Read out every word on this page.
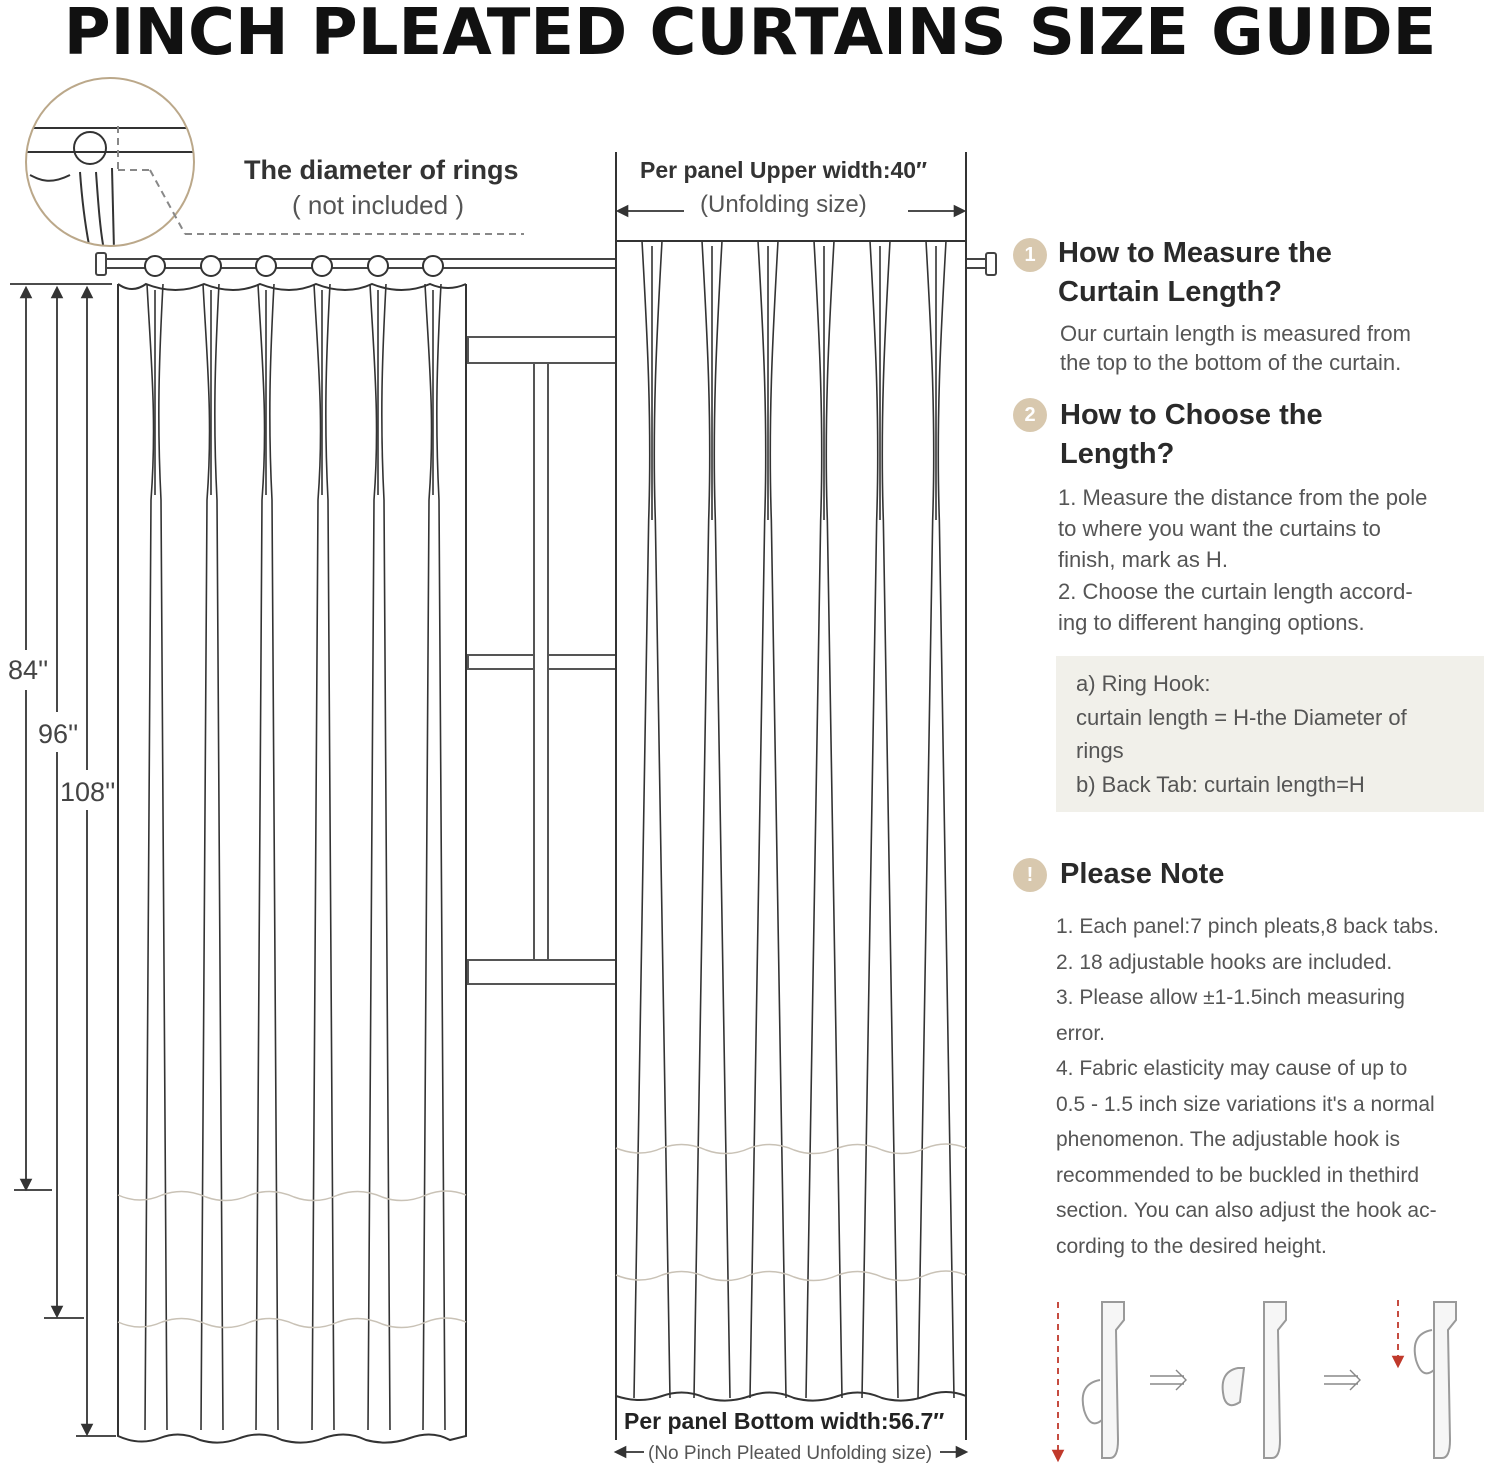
PINCH PLEATED CURTAINS SIZE GUIDE
The diameter of rings
( not included )
Per panel Upper width:40″
(Unfolding size)
Per panel Bottom width:56.7″
(No Pinch Pleated Unfolding size)
84''
96''
108''
1 How to Measure the
Curtain Length?
Our curtain length is measured from
the top to the bottom of the curtain.
2 How to Choose the
Length?
1. Measure the distance from the pole
to where you want the curtains to
finish, mark as H.
2. Choose the curtain length accord-
ing to different hanging options.
a) Ring Hook:
curtain length = H-the Diameter of
rings
b) Back Tab: curtain length=H
! Please Note
1. Each panel:7 pinch pleats,8 back tabs.
2. 18 adjustable hooks are included.
3. Please allow ±1-1.5inch measuring
error.
4. Fabric elasticity may cause of up to
0.5 - 1.5 inch size variations it's a normal
phenomenon. The adjustable hook is
recommended to be buckled in thethird
section. You can also adjust the hook ac-
cording to the desired height.
